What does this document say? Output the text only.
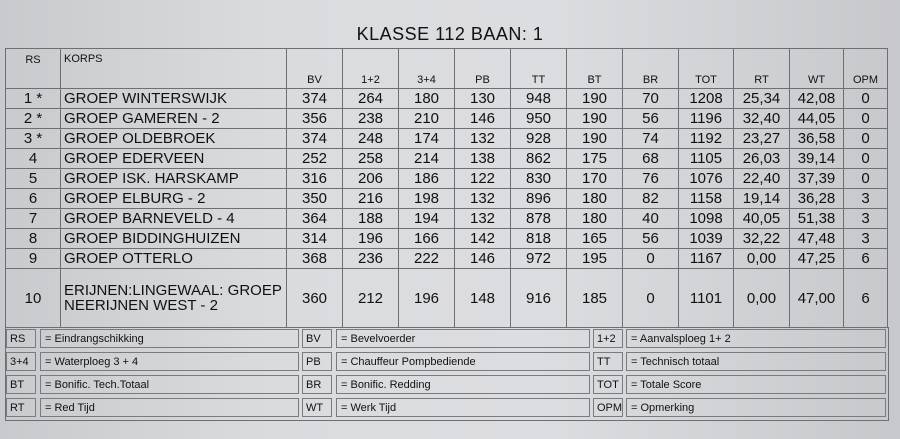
KLASSE 112 BAAN: 1
RS	KORPS	BV	1+2	3+4	PB	TT	BT	BR	TOT	RT	WT	OPM
1 *	GROEP WINTERSWIJK	374	264	180	130	948	190	70	1208	25,34	42,08	0
2 *	GROEP GAMEREN - 2	356	238	210	146	950	190	56	1196	32,40	44,05	0
3 *	GROEP OLDEBROEK	374	248	174	132	928	190	74	1192	23,27	36,58	0
4	GROEP EDERVEEN	252	258	214	138	862	175	68	1105	26,03	39,14	0
5	GROEP ISK. HARSKAMP	316	206	186	122	830	170	76	1076	22,40	37,39	0
6	GROEP ELBURG - 2	350	216	198	132	896	180	82	1158	19,14	36,28	3
7	GROEP BARNEVELD - 4	364	188	194	132	878	180	40	1098	40,05	51,38	3
8	GROEP BIDDINGHUIZEN	314	196	166	142	818	165	56	1039	32,22	47,48	3
9	GROEP OTTERLO	368	236	222	146	972	195	0	1167	0,00	47,25	6
10	ERIJNEN:LINGEWAAL: GROEP NEERIJNEN WEST - 2	360	212	196	148	916	185	0	1101	0,00	47,00	6
RS	= Eindrangschikking	BV	= Bevelvoerder	1+2	= Aanvalsploeg 1+ 2
3+4	= Waterploeg 3 + 4	PB	= Chauffeur Pompbediende	TT	= Technisch totaal
BT	= Bonific. Tech.Totaal	BR	= Bonific. Redding	TOT	= Totale Score
RT	= Red Tijd	WT	= Werk Tijd	OPM = Opmerking
